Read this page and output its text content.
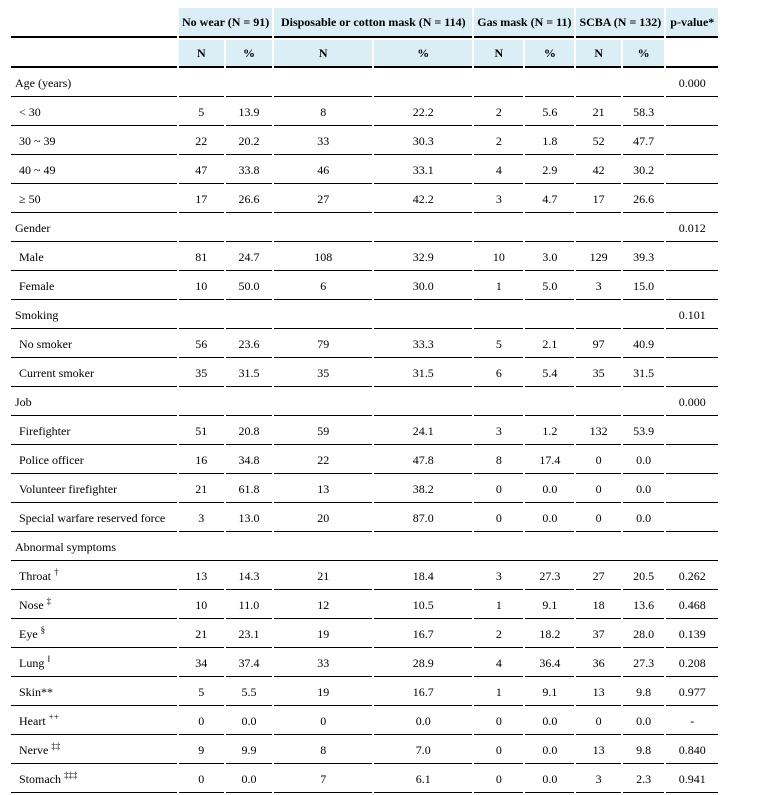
	No wear (N = 91)		Disposable or cotton mask (N = 114)		Gas mask (N = 11)		SCBA (N = 132)		p-value*
	N	%	N	%	N	%	N	%	
Age (years)									0.000
< 30	5	13.9	8	22.2	2	5.6	21	58.3	
30 ~ 39	22	20.2	33	30.3	2	1.8	52	47.7	
40 ~ 49	47	33.8	46	33.1	4	2.9	42	30.2	
≥ 50	17	26.6	27	42.2	3	4.7	17	26.6	
Gender									0.012
Male	81	24.7	108	32.9	10	3.0	129	39.3	
Female	10	50.0	6	30.0	1	5.0	3	15.0	
Smoking									0.101
No smoker	56	23.6	79	33.3	5	2.1	97	40.9	
Current smoker	35	31.5	35	31.5	6	5.4	35	31.5	
Job									0.000
Firefighter	51	20.8	59	24.1	3	1.2	132	53.9	
Police officer	16	34.8	22	47.8	8	17.4	0	0.0	
Volunteer firefighter	21	61.8	13	38.2	0	0.0	0	0.0	
Special warfare reserved force	3	13.0	20	87.0	0	0.0	0	0.0	
Abnormal symptoms									
Throat †	13	14.3	21	18.4	3	27.3	27	20.5	0.262
Nose ‡	10	11.0	12	10.5	1	9.1	18	13.6	0.468
Eye §	21	23.1	19	16.7	2	18.2	37	28.0	0.139
Lung ‖	34	37.4	33	28.9	4	36.4	36	27.3	0.208
Skin**	5	5.5	19	16.7	1	9.1	13	9.8	0.977
Heart ++	0	0.0	0	0.0	0	0.0	0	0.0	-
Nerve ‡‡	9	9.9	8	7.0	0	0.0	13	9.8	0.840
Stomach ‡‡‡	0	0.0	7	6.1	0	0.0	3	2.3	0.941
